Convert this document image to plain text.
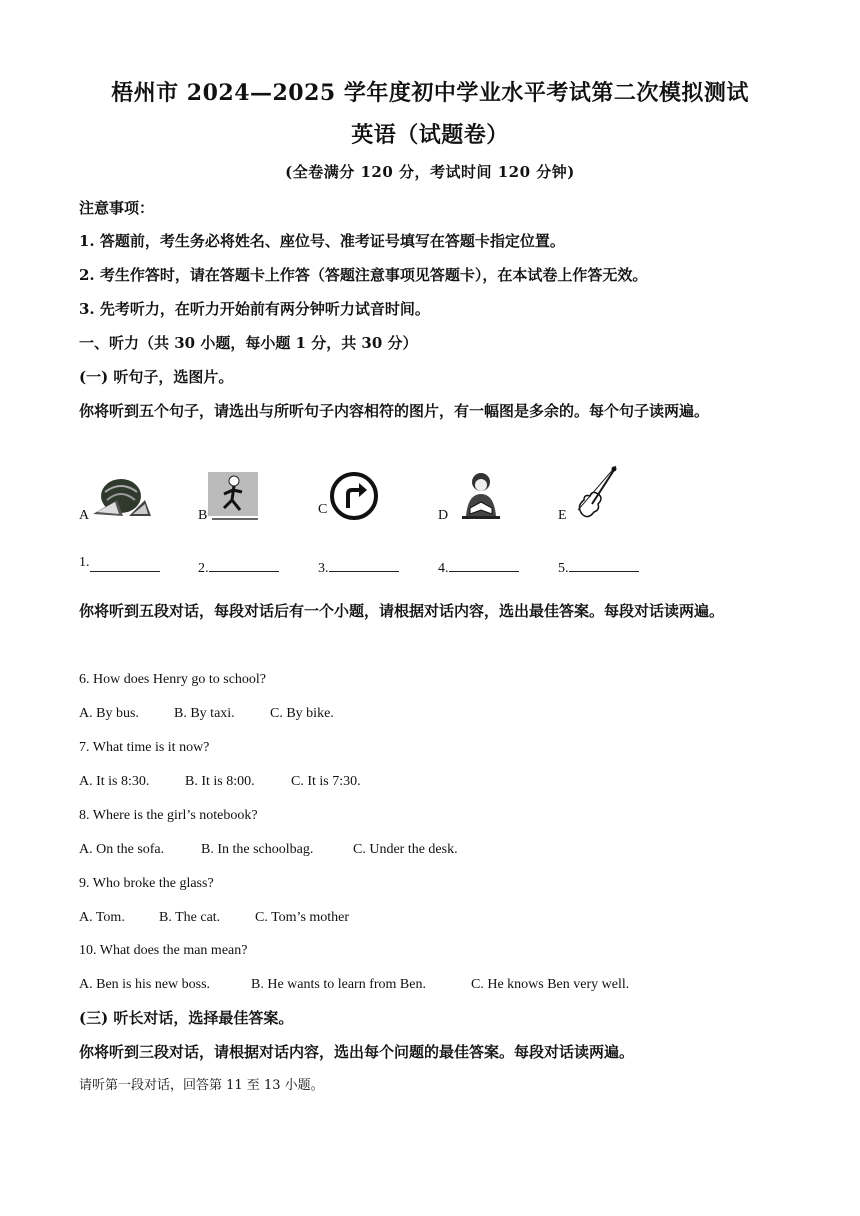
梧州市 2024—2025 学年度初中学业水平考试第二次模拟测试
英语（试题卷）
(全卷满分 120 分，考试时间 120 分钟)
注意事项：
1. 答题前，考生务必将姓名、座位号、准考证号填写在答题卡指定位置。
2. 考生作答时，请在答题卡上作答（答题注意事项见答题卡），在本试卷上作答无效。
3. 先考听力，在听力开始前有两分钟听力试音时间。
一、听力（共 30 小题，每小题 1 分，共 30 分）
(一) 听句子，选图片。
你将听到五个句子，请选出与所听句子内容相符的图片，有一幅图是多余的。每个句子读两遍。
A	B	C	D	E
1.	2.	3.	4.	5.
你将听到五段对话，每段对话后有一个小题，请根据对话内容，选出最佳答案。每段对话读两遍。
6. How does Henry go to school?
A. By bus.	B. By taxi.	C. By bike.
7. What time is it now?
A. It is 8:30.	B. It is 8:00.	C. It is 7:30.
8. Where is the girl’s notebook?
A. On the sofa.	B. In the schoolbag.	C. Under the desk.
9. Who broke the glass?
A. Tom. B. The cat. C. Tom’s mother
10. What does the man mean?
A. Ben is his new boss.	B. He wants to learn from Ben.	C. He knows Ben very well.
(三) 听长对话，选择最佳答案。
你将听到三段对话，请根据对话内容，选出每个问题的最佳答案。每段对话读两遍。
请听第一段对话，回答第 11 至 13 小题。
